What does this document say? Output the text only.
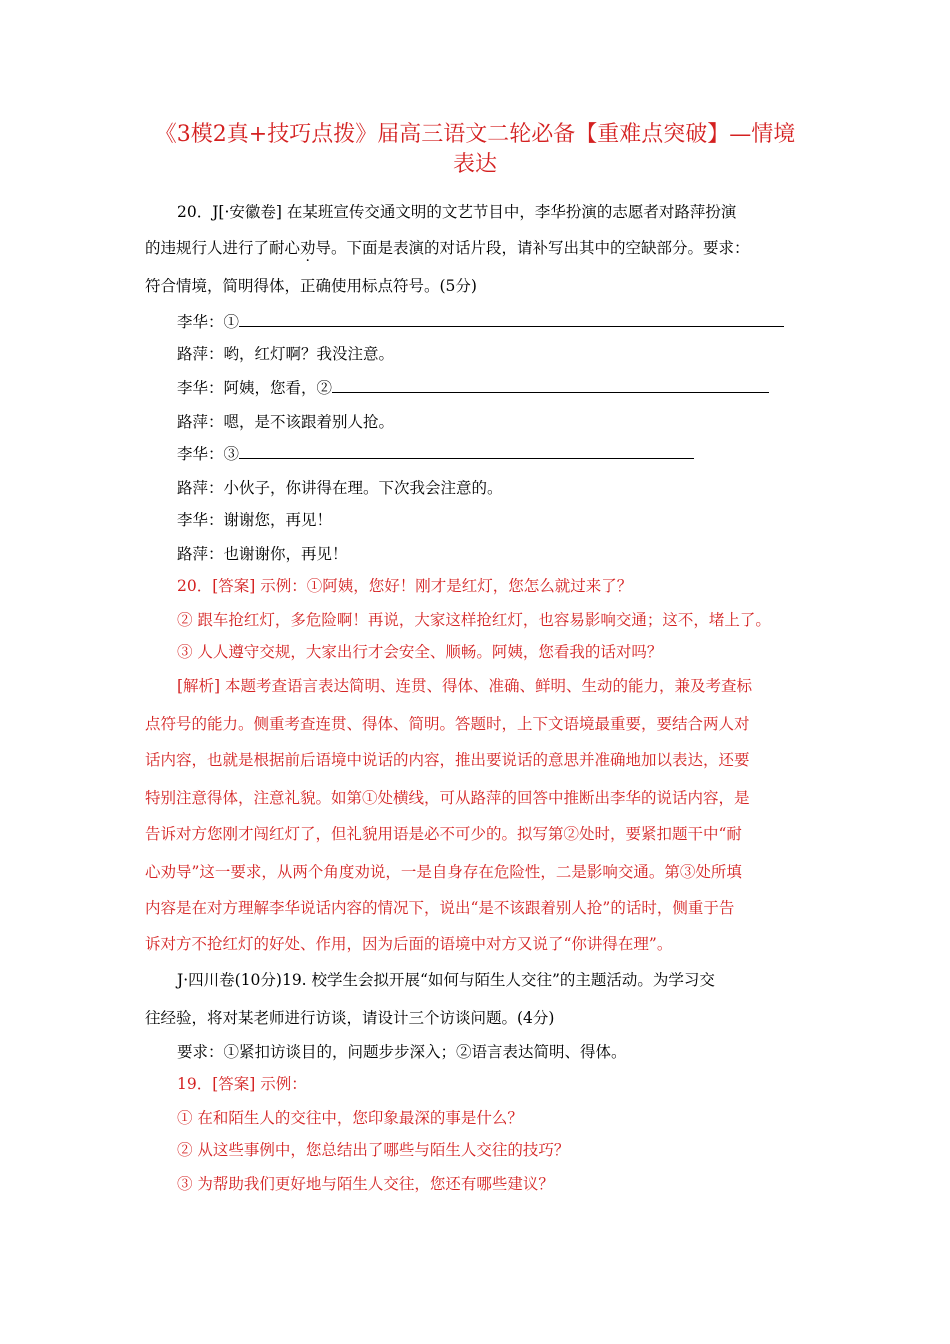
《3模2真+技巧点拨》届高三语文二轮必备【重难点突破】—情境
表达
20．J[·安徽卷] 在某班宣传交通文明的文艺节目中，李华扮演的志愿者对路萍扮演
的违规行人进行了耐心劝导。下面是表演的对话片段，请补写出其中的空缺部分。要求：
符合情境，简明得体，正确使用标点符号。(5分)
李华：①
路萍：哟，红灯啊？我没注意。
李华：阿姨，您看，②
路萍：嗯，是不该跟着别人抢。
李华：③
路萍：小伙子，你讲得在理。下次我会注意的。
李华：谢谢您，再见！
路萍：也谢谢你，再见！
20．[答案] 示例：①阿姨，您好！刚才是红灯，您怎么就过来了？
② 跟车抢红灯，多危险啊！再说，大家这样抢红灯，也容易影响交通；这不，堵上了。
③ 人人遵守交规，大家出行才会安全、顺畅。阿姨，您看我的话对吗？
[解析] 本题考查语言表达简明、连贯、得体、准确、鲜明、生动的能力，兼及考查标
点符号的能力。侧重考查连贯、得体、简明。答题时，上下文语境最重要，要结合两人对
话内容，也就是根据前后语境中说话的内容，推出要说话的意思并准确地加以表达，还要
特别注意得体，注意礼貌。如第①处横线，可从路萍的回答中推断出李华的说话内容，是
告诉对方您刚才闯红灯了，但礼貌用语是必不可少的。拟写第②处时，要紧扣题干中“耐
心劝导”这一要求，从两个角度劝说，一是自身存在危险性，二是影响交通。第③处所填
内容是在对方理解李华说话内容的情况下，说出“是不该跟着别人抢”的话时，侧重于告
诉对方不抢红灯的好处、作用，因为后面的语境中对方又说了“你讲得在理”。
J·四川卷(10分)19. 校学生会拟开展“如何与陌生人交往”的主题活动。为学习交
往经验，将对某老师进行访谈，请设计三个访谈问题。(4分)
要求：①紧扣访谈目的，问题步步深入；②语言表达简明、得体。
19．[答案] 示例：
① 在和陌生人的交往中，您印象最深的事是什么？
② 从这些事例中，您总结出了哪些与陌生人交往的技巧？
③ 为帮助我们更好地与陌生人交往，您还有哪些建议？
